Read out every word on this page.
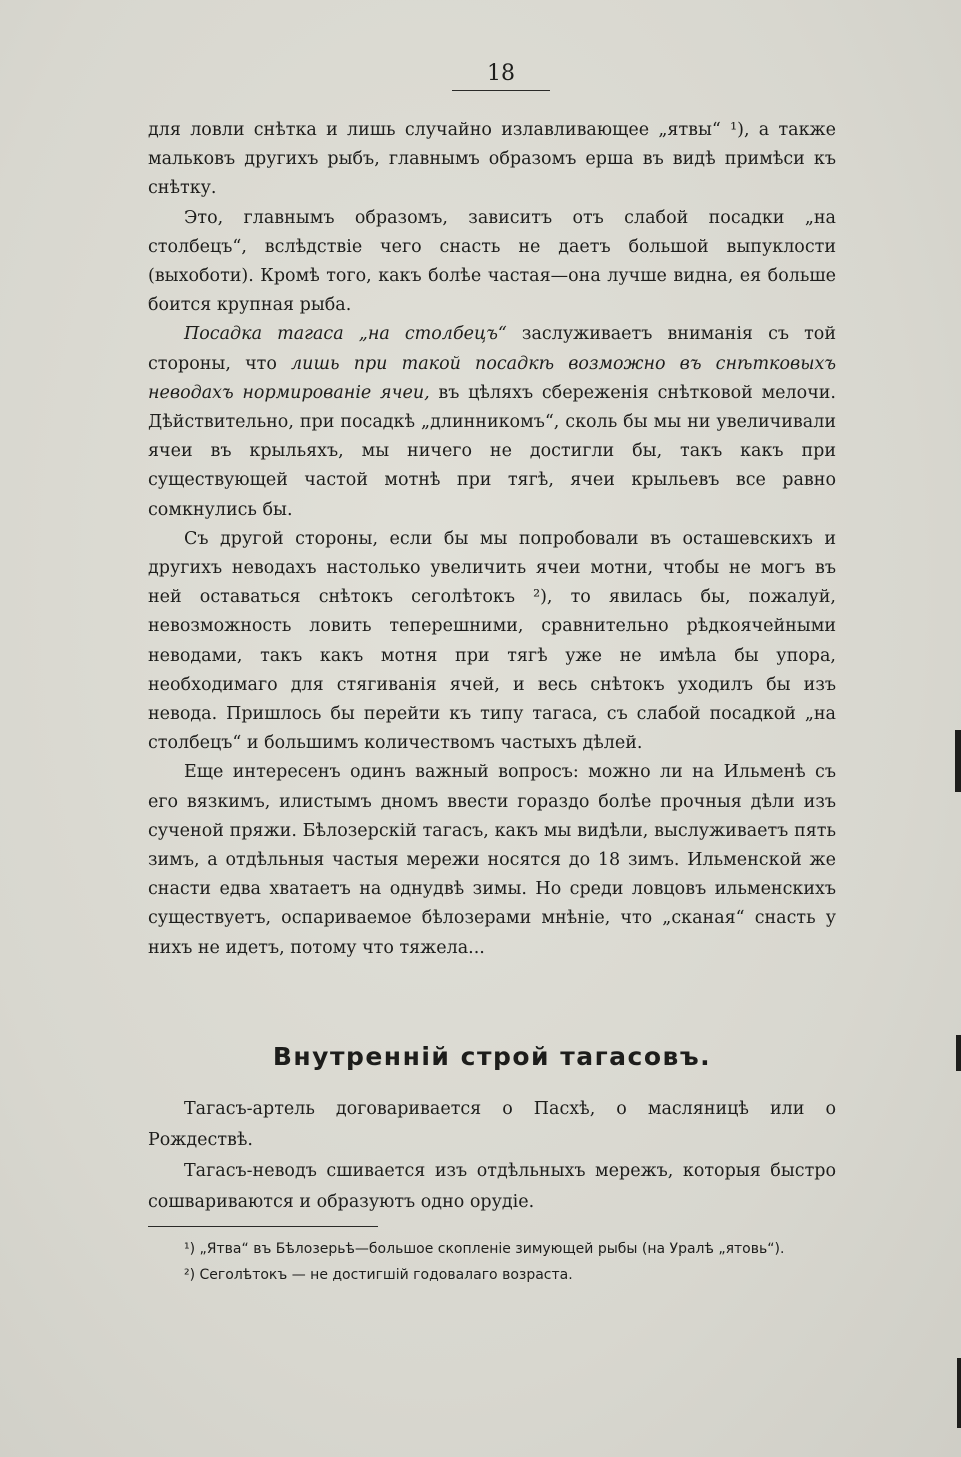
18

для ловли снѣтка и лишь случайно излавливающее „ятвы“ ¹), а также мальковъ другихъ рыбъ, главнымъ образомъ ерша въ видѣ примѣси къ снѣтку.

Это, главнымъ образомъ, зависитъ отъ слабой посадки „на столбецъ“, вслѣдствіе чего снасть не даетъ большой выпуклости (выхоботи). Кромѣ того, какъ болѣе частая—она лучше видна, ея больше боится крупная рыба.

Посадка тагаса „на столбецъ“ заслуживаетъ вниманія съ той стороны, что лишь при такой посадкѣ возможно въ снѣтковыхъ неводахъ нормированіе ячеи, въ цѣляхъ сбереженія снѣтковой мелочи. Дѣйствительно, при посадкѣ „длинникомъ“, сколь бы мы ни увеличивали ячеи въ крыльяхъ, мы ничего не достигли бы, такъ какъ при существующей частой мотнѣ при тягѣ, ячеи крыльевъ все равно сомкнулись бы.

Съ другой стороны, если бы мы попробовали въ осташевскихъ и другихъ неводахъ настолько увеличить ячеи мотни, чтобы не могъ въ ней оставаться снѣтокъ сеголѣтокъ ²), то явилась бы, пожалуй, невозможность ловить теперешними, сравнительно рѣдкоячейными неводами, такъ какъ мотня при тягѣ уже не имѣла бы упора, необходимаго для стягиванія ячей, и весь снѣтокъ уходилъ бы изъ невода. Пришлось бы перейти къ типу тагаса, съ слабой посадкой „на столбецъ“ и большимъ количествомъ частыхъ дѣлей.

Еще интересенъ одинъ важный вопросъ: можно ли на Ильменѣ съ его вязкимъ, илистымъ дномъ ввести гораздо болѣе прочныя дѣли изъ сученой пряжи. Бѣлозерскій тагасъ, какъ мы видѣли, выслуживаетъ пять зимъ, а отдѣльныя частыя мережи носятся до 18 зимъ. Ильменской же снасти едва хватаетъ на однудвѣ зимы. Но среди ловцовъ ильменскихъ существуетъ, оспариваемое бѣлозерами мнѣніе, что „сканая“ снасть у нихъ не идетъ, потому что тяжела...

Внутренній строй тагасовъ.

Тагасъ-артель договаривается о Пасхѣ, о масляницѣ или о Рождествѣ.

Тагасъ-неводъ сшивается изъ отдѣльныхъ мережъ, которыя быстро сошвариваются и образуютъ одно орудіе.

¹) „Ятва“ въ Бѣлозерьѣ—большое скопленіе зимующей рыбы (на Уралѣ „ятовь“).

²) Сеголѣтокъ — не достигшій годовалаго возраста.
